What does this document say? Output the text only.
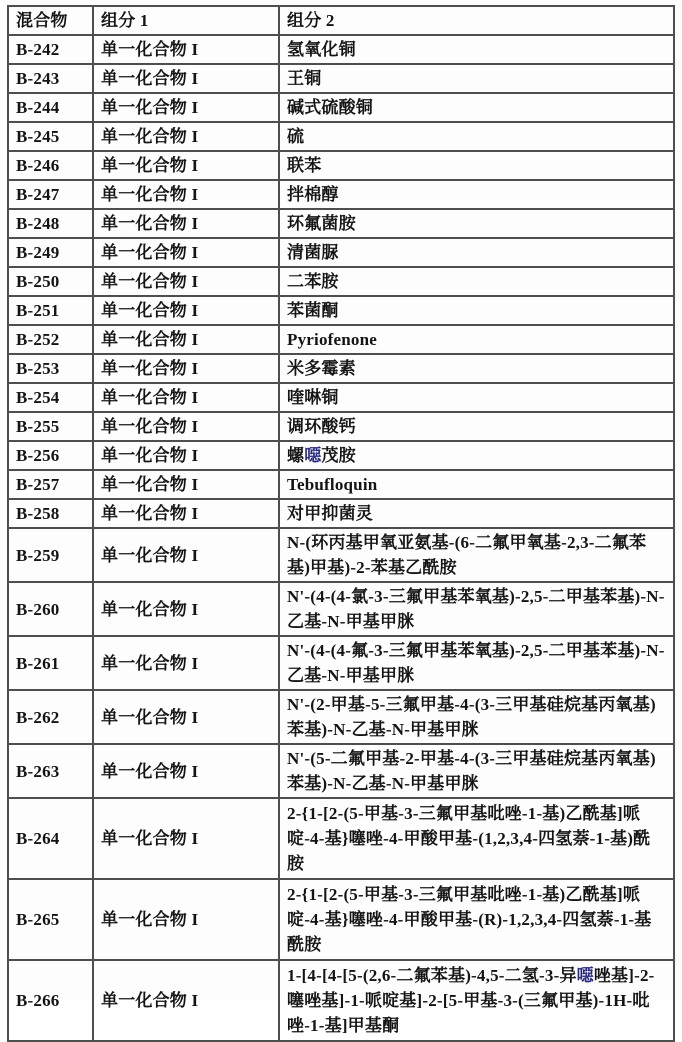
混合物	组分 1	组分 2
B-242	单一化合物 I	氢氧化铜
B-243	单一化合物 I	王铜
B-244	单一化合物 I	碱式硫酸铜
B-245	单一化合物 I	硫
B-246	单一化合物 I	联苯
B-247	单一化合物 I	拌棉醇
B-248	单一化合物 I	环氟菌胺
B-249	单一化合物 I	清菌脲
B-250	单一化合物 I	二苯胺
B-251	单一化合物 I	苯菌酮
B-252	单一化合物 I	Pyriofenone
B-253	单一化合物 I	米多霉素
B-254	单一化合物 I	喹啉铜
B-255	单一化合物 I	调环酸钙
B-256	单一化合物 I	螺噁茂胺
B-257	单一化合物 I	Tebufloquin
B-258	单一化合物 I	对甲抑菌灵
B-259	单一化合物 I	N-(环丙基甲氧亚氨基-(6-二氟甲氧基-2,3-二氟苯基)甲基)-2-苯基乙酰胺
B-260	单一化合物 I	N'-(4-(4-氯-3-三氟甲基苯氧基)-2,5-二甲基苯基)-N-乙基-N-甲基甲脒
B-261	单一化合物 I	N'-(4-(4-氟-3-三氟甲基苯氧基)-2,5-二甲基苯基)-N-乙基-N-甲基甲脒
B-262	单一化合物 I	N'-(2-甲基-5-三氟甲基-4-(3-三甲基硅烷基丙氧基)苯基)-N-乙基-N-甲基甲脒
B-263	单一化合物 I	N'-(5-二氟甲基-2-甲基-4-(3-三甲基硅烷基丙氧基)苯基)-N-乙基-N-甲基甲脒
B-264	单一化合物 I	2-{1-[2-(5-甲基-3-三氟甲基吡唑-1-基)乙酰基]哌啶-4-基}噻唑-4-甲酸甲基-(1,2,3,4-四氢萘-1-基)酰胺
B-265	单一化合物 I	2-{1-[2-(5-甲基-3-三氟甲基吡唑-1-基)乙酰基]哌啶-4-基}噻唑-4-甲酸甲基-(R)-1,2,3,4-四氢萘-1-基酰胺
B-266	单一化合物 I	1-[4-[4-[5-(2,6-二氟苯基)-4,5-二氢-3-异噁唑基]-2-噻唑基]-1-哌啶基]-2-[5-甲基-3-(三氟甲基)-1H-吡唑-1-基]甲基酮
